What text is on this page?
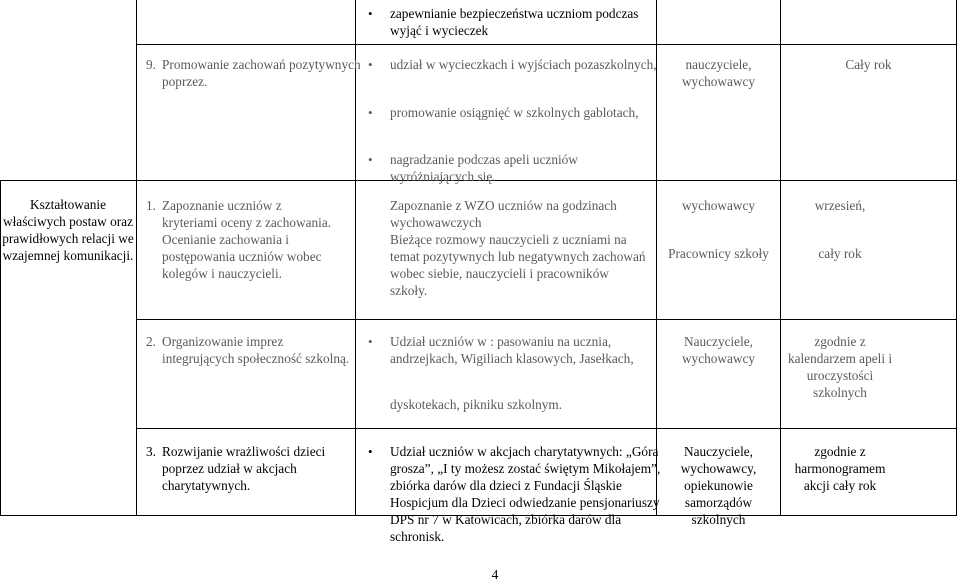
• zapewnianie bezpieczeństwa uczniom podczas wyjąć i wycieczek

9. Promowanie zachowań pozytywnych poprzez.

• udział w wycieczkach i wyjściach pozaszkolnych,

• promowanie osiągnięć w szkolnych gablotach,

• nagradzanie podczas apeli uczniów wyróżniających się.

nauczyciele, wychowawcy

Cały rok

Kształtowanie właściwych postaw oraz prawidłowych relacji we wzajemnej komunikacji.

1. Zapoznanie uczniów z kryteriami oceny z zachowania. Ocenianie zachowania i postępowania uczniów wobec kolegów i nauczycieli.

Zapoznanie z WZO uczniów na godzinach wychowawczych

Bieżące rozmowy nauczycieli z uczniami na temat pozytywnych lub negatywnych zachowań wobec siebie, nauczycieli i pracowników szkoły.

wychowawcy

Pracownicy szkoły

wrzesień,

cały rok

2. Organizowanie imprez integrujących społeczność szkolną.

• Udział uczniów w : pasowaniu na ucznia, andrzejkach, Wigiliach klasowych, Jasełkach,

dyskotekach, pikniku szkolnym.

Nauczyciele, wychowawcy

zgodnie z kalendarzem apeli i uroczystości szkolnych

3. Rozwijanie wrażliwości dzieci poprzez udział w akcjach charytatywnych.

• Udział uczniów w akcjach charytatywnych: „Góra grosza”, „I ty możesz zostać świętym Mikołajem”, zbiórka darów dla dzieci z Fundacji Śląskie Hospicjum dla Dzieci odwiedzanie pensjonariuszy DPS nr 7 w Katowicach, zbiórka darów dla schronisk.

Nauczyciele, wychowawcy, opiekunowie samorządów szkolnych

zgodnie z harmonogramem akcji cały rok

4
